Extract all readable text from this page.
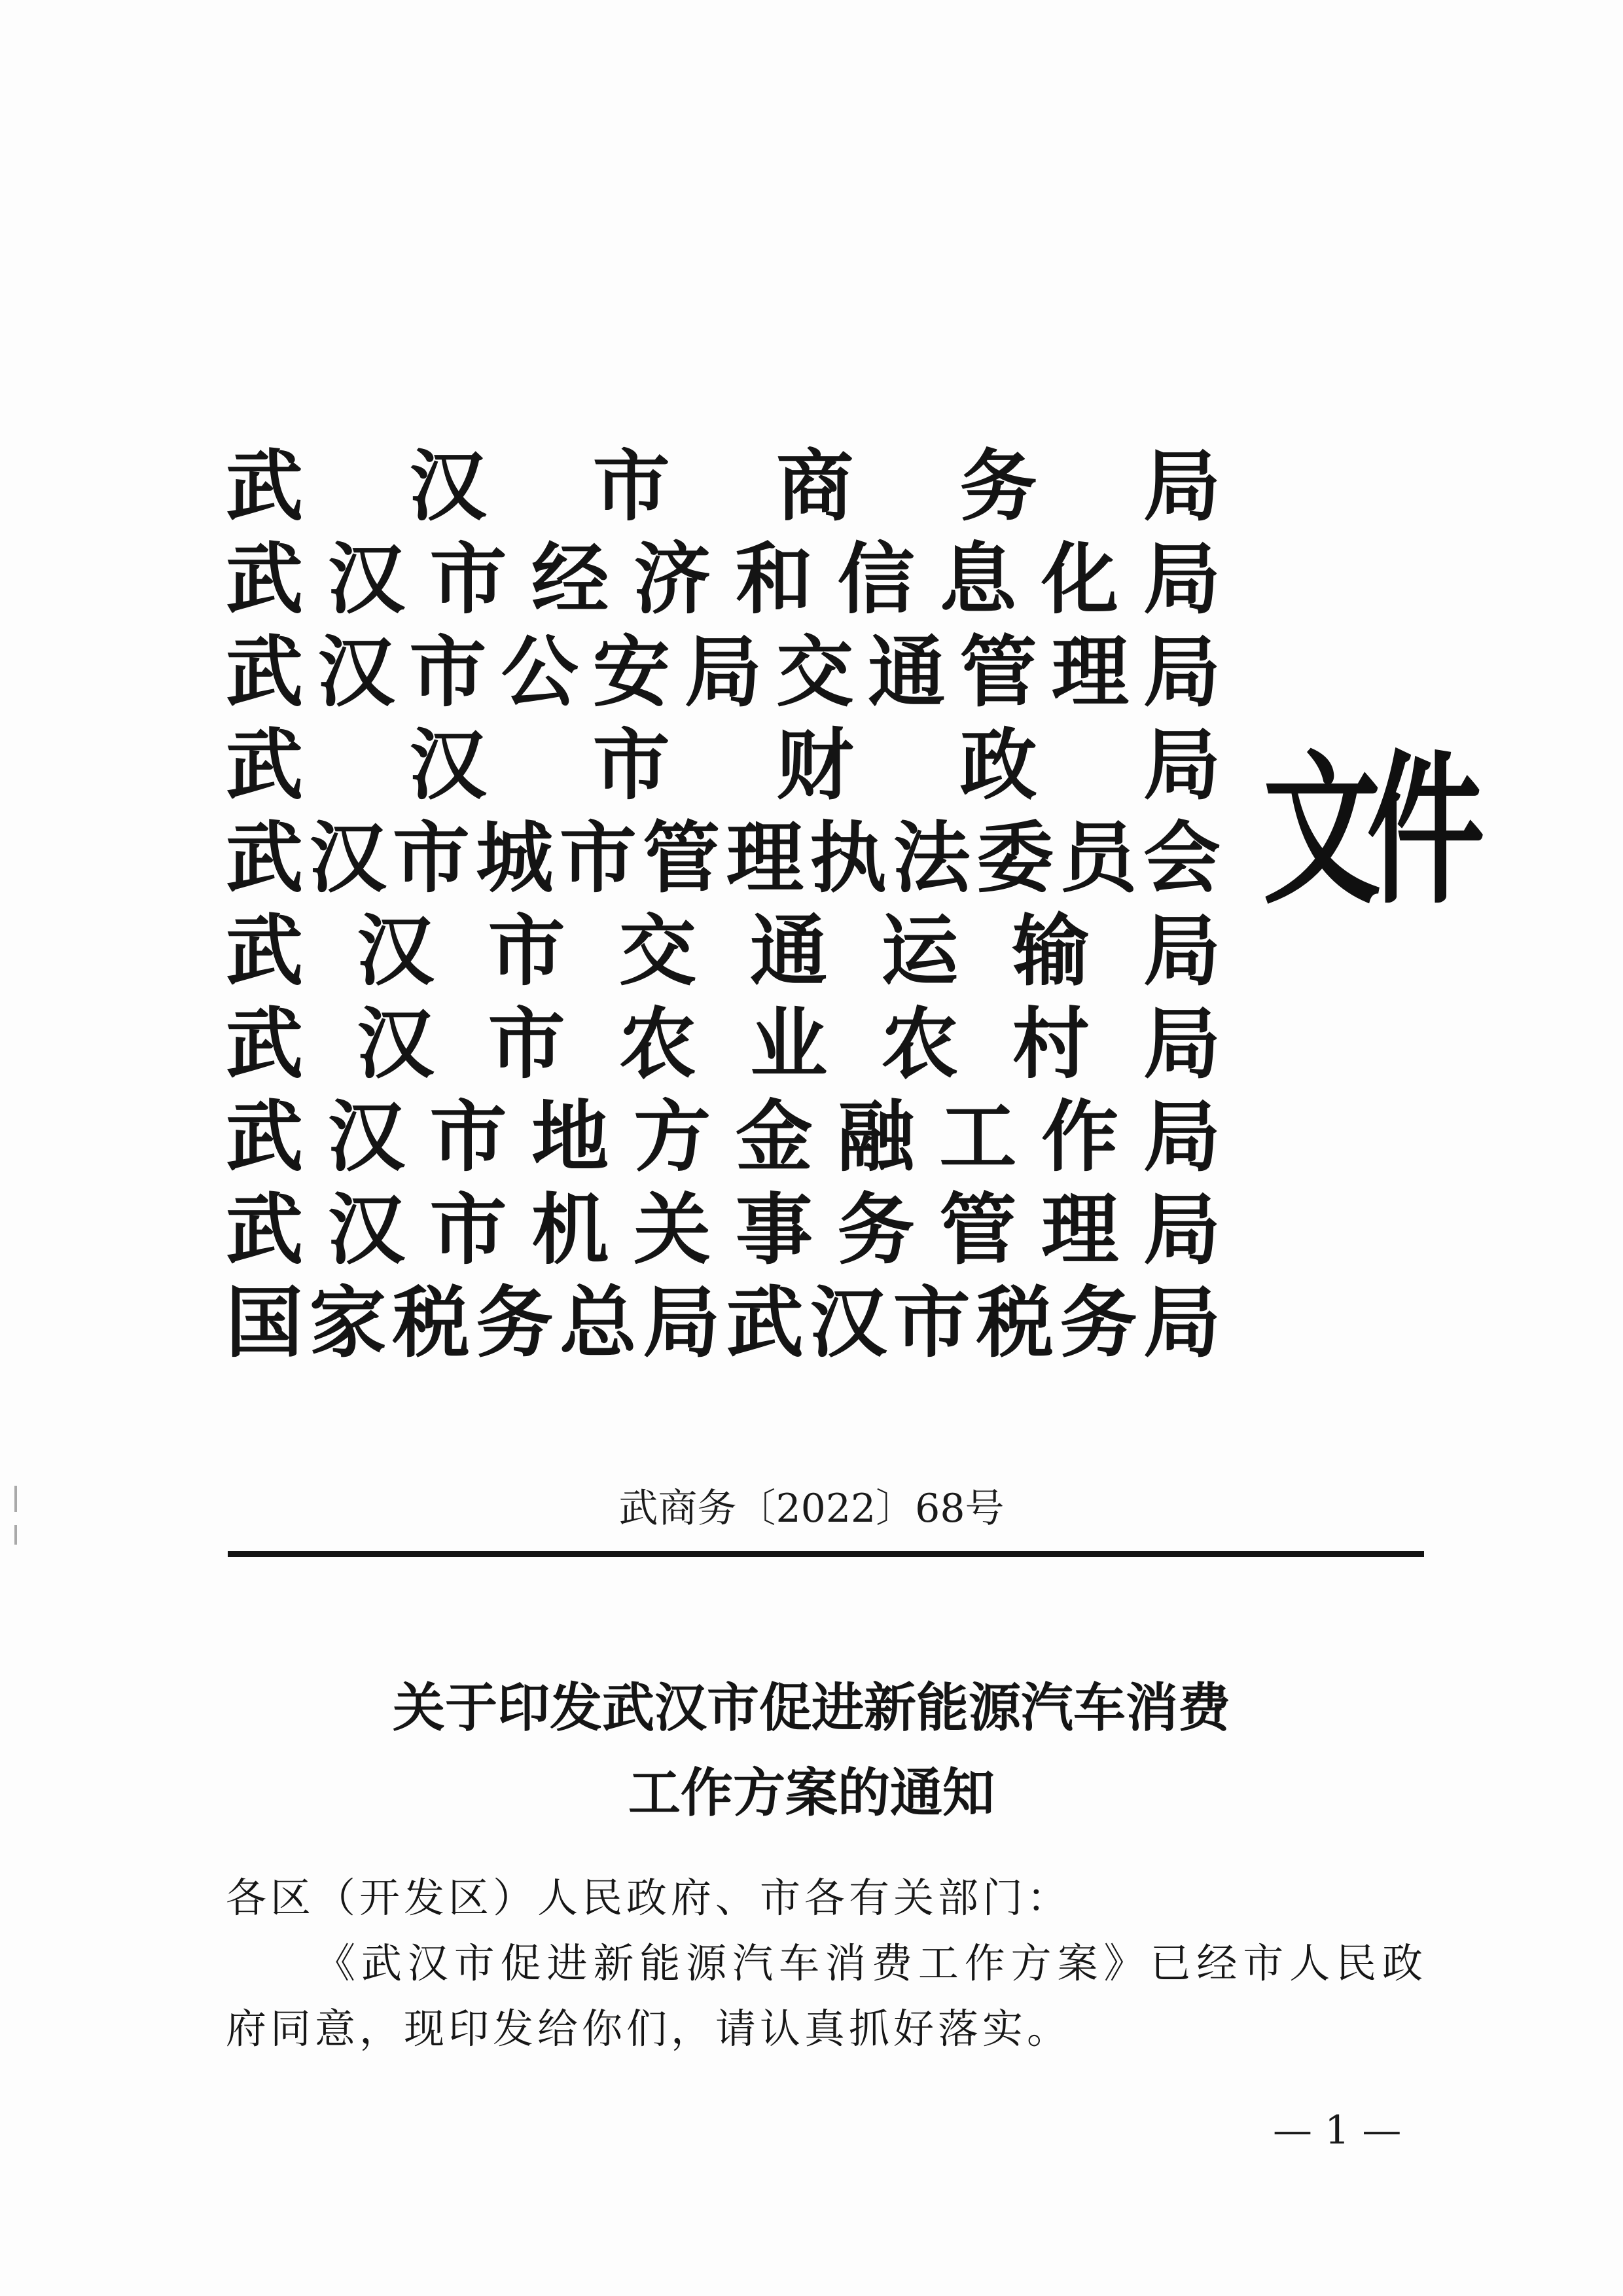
武 汉 市 商 务 局
武 汉 市 经 济 和 信 息 化 局
武 汉 市 公 安 局 交 通 管 理 局
武 汉 市 财 政 局
武 汉 市 城 市 管 理 执 法 委 员 会
武 汉 市 交 通 运 输 局
武 汉 市 农 业 农 村 局
武 汉 市 地 方 金 融 工 作 局
武 汉 市 机 关 事 务 管 理 局
国 家 税 务 总 局 武 汉 市 税 务 局
文件
武商务〔2022〕68号
关于印发武汉市促进新能源汽车消费
工作方案的通知

各区（开发区）人民政府、市各有关部门：

《武汉市促进新能源汽车消费工作方案》已经市人民政府同意，现印发给你们，请认真抓好落实。

— 1 —
